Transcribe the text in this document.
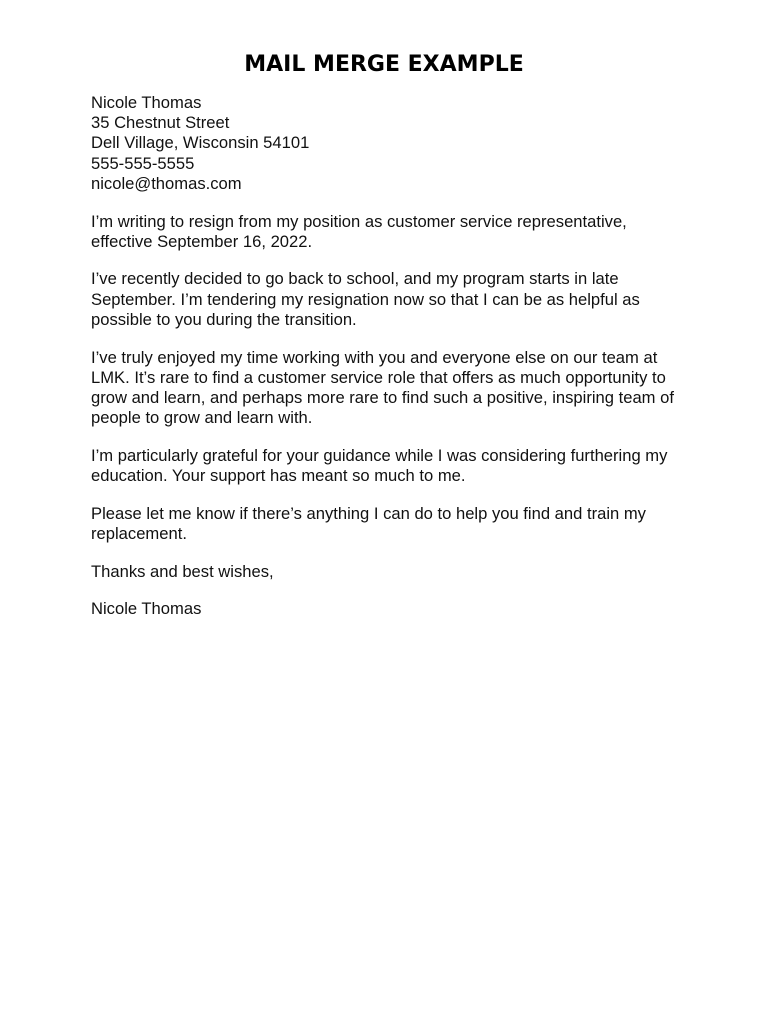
MAIL MERGE EXAMPLE
Nicole Thomas
35 Chestnut Street
Dell Village, Wisconsin 54101
555-555-5555
nicole@thomas.com

I’m writing to resign from my position as customer service representative, effective September 16, 2022.

I’ve recently decided to go back to school, and my program starts in late September. I’m tendering my resignation now so that I can be as helpful as possible to you during the transition.

I’ve truly enjoyed my time working with you and everyone else on our team at LMK. It’s rare to find a customer service role that offers as much opportunity to grow and learn, and perhaps more rare to find such a positive, inspiring team of people to grow and learn with.

I’m particularly grateful for your guidance while I was considering furthering my education. Your support has meant so much to me.

Please let me know if there’s anything I can do to help you find and train my replacement.

Thanks and best wishes,

Nicole Thomas
